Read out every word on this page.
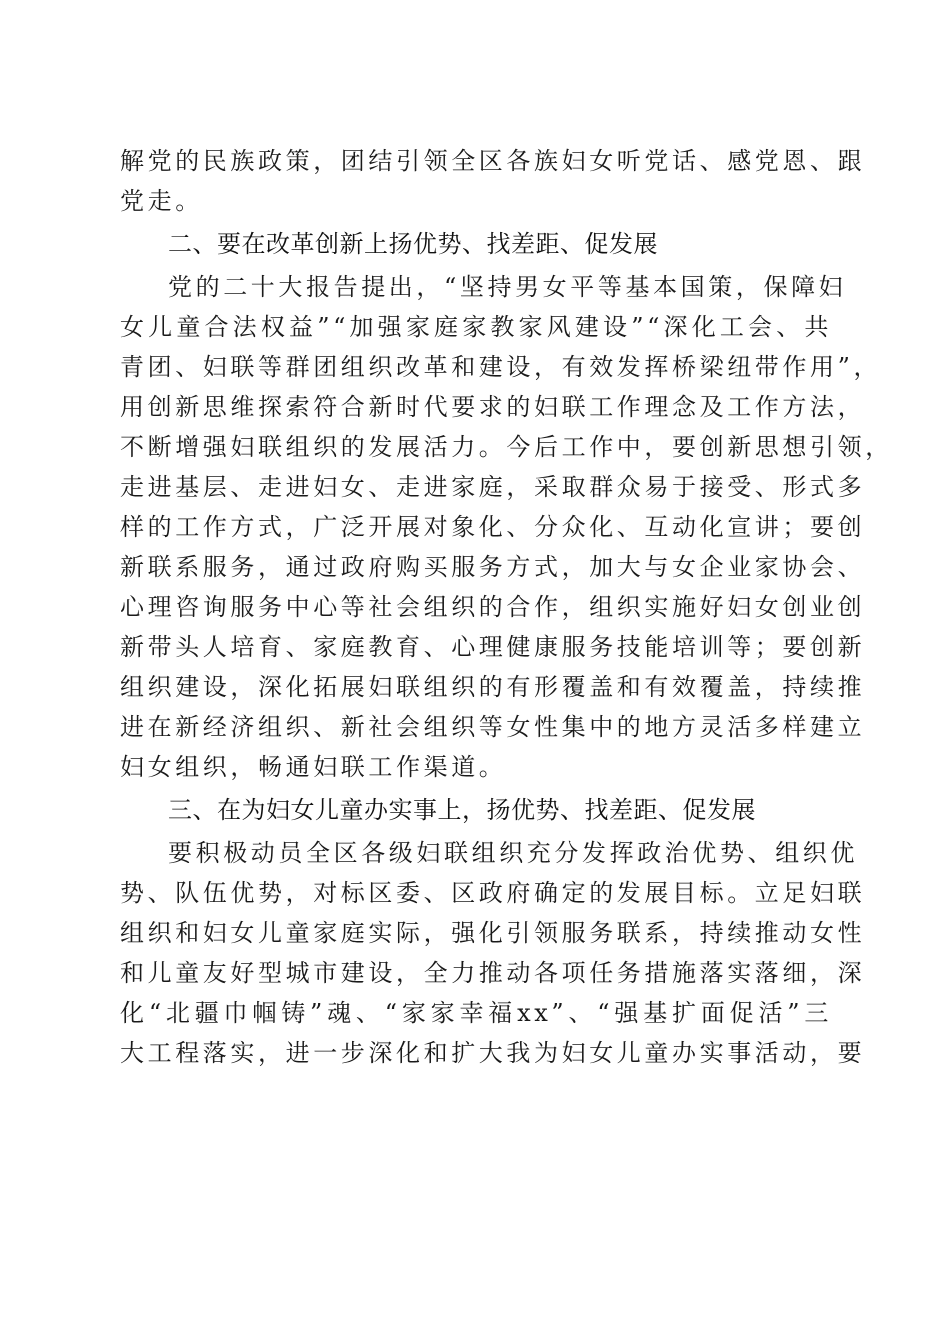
解党的民族政策，团结引领全区各族妇女听党话、感党恩、跟
党走。
二、要在改革创新上扬优势、找差距、促发展
党的二十大报告提出，“坚持男女平等基本国策，保障妇
女儿童合法权益”“加强家庭家教家风建设”“深化工会、共
青团、妇联等群团组织改革和建设，有效发挥桥梁纽带作用”，
用创新思维探索符合新时代要求的妇联工作理念及工作方法，
不断增强妇联组织的发展活力。今后工作中，要创新思想引领，
走进基层、走进妇女、走进家庭，采取群众易于接受、形式多
样的工作方式，广泛开展对象化、分众化、互动化宣讲；要创
新联系服务，通过政府购买服务方式，加大与女企业家协会、
心理咨询服务中心等社会组织的合作，组织实施好妇女创业创
新带头人培育、家庭教育、心理健康服务技能培训等；要创新
组织建设，深化拓展妇联组织的有形覆盖和有效覆盖，持续推
进在新经济组织、新社会组织等女性集中的地方灵活多样建立
妇女组织，畅通妇联工作渠道。
三、在为妇女儿童办实事上，扬优势、找差距、促发展
要积极动员全区各级妇联组织充分发挥政治优势、组织优
势、队伍优势，对标区委、区政府确定的发展目标。立足妇联
组织和妇女儿童家庭实际，强化引领服务联系，持续推动女性
和儿童友好型城市建设，全力推动各项任务措施落实落细，深
化“北疆巾帼铸”魂、“家家幸福xx”、“强基扩面促活”三
大工程落实，进一步深化和扩大我为妇女儿童办实事活动，要
